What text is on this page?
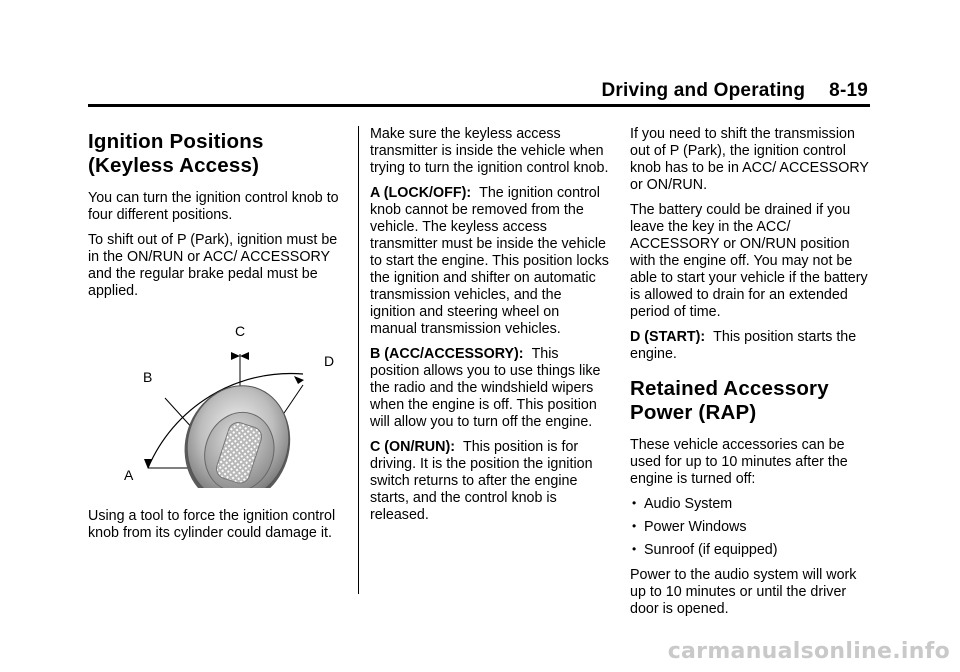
Driving and Operating 8-19
Ignition Positions
(Keyless Access)

You can turn the ignition control knob to four different positions.

To shift out of P (Park), ignition must be in the ON/RUN or ACC/ ACCESSORY and the regular brake pedal must be applied.

A
B
C
D

Using a tool to force the ignition control knob from its cylinder could damage it.

Make sure the keyless access transmitter is inside the vehicle when trying to turn the ignition control knob.

A (LOCK/OFF): The ignition control knob cannot be removed from the vehicle. The keyless access transmitter must be inside the vehicle to start the engine. This position locks the ignition and shifter on automatic transmission vehicles, and the ignition and steering wheel on manual transmission vehicles.

B (ACC/ACCESSORY): This position allows you to use things like the radio and the windshield wipers when the engine is off. This position will allow you to turn off the engine.

C (ON/RUN): This position is for driving. It is the position the ignition switch returns to after the engine starts, and the control knob is released.

If you need to shift the transmission out of P (Park), the ignition control knob has to be in ACC/ ACCESSORY or ON/RUN.

The battery could be drained if you leave the key in the ACC/ ACCESSORY or ON/RUN position with the engine off. You may not be able to start your vehicle if the battery is allowed to drain for an extended period of time.

D (START): This position starts the engine.

Retained Accessory
Power (RAP)

These vehicle accessories can be used for up to 10 minutes after the engine is turned off:

• Audio System
• Power Windows
• Sunroof (if equipped)

Power to the audio system will work up to 10 minutes or until the driver door is opened.

carmanualsonline.info
